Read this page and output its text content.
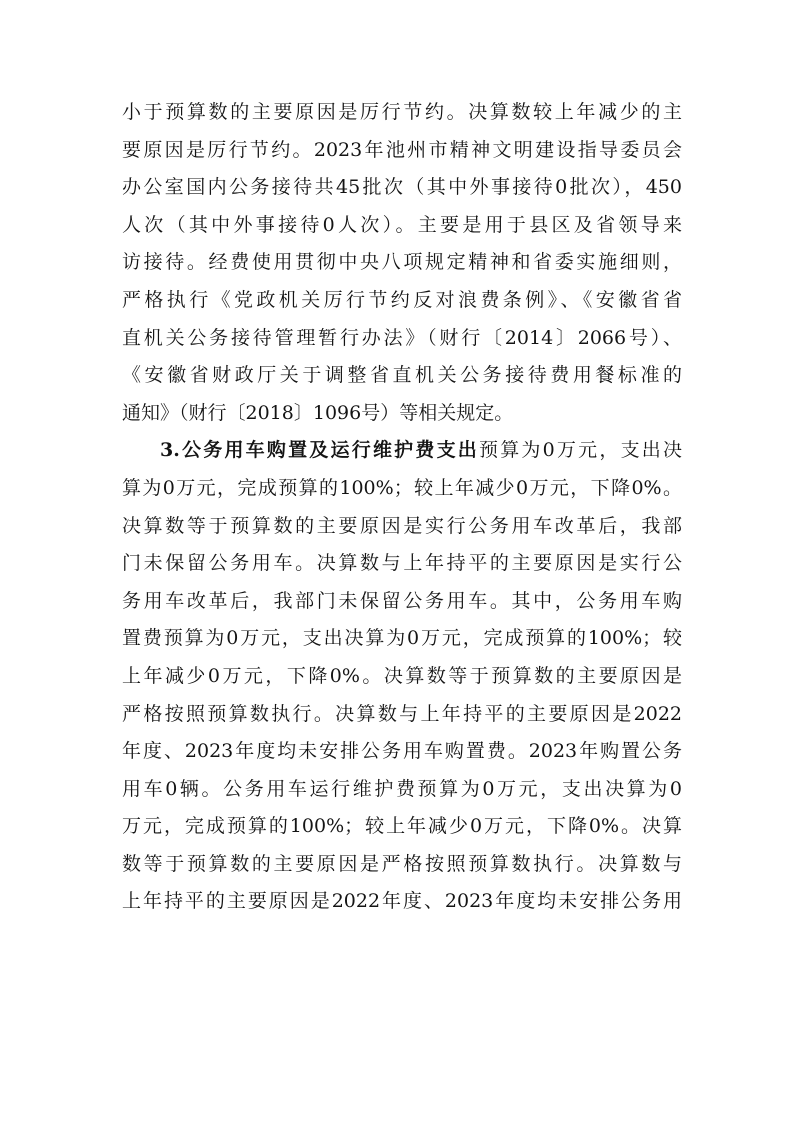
小于预算数的主要原因是厉行节约。决算数较上年减少的主
要原因是厉行节约。2023年池州市精神文明建设指导委员会
办公室国内公务接待共45批次（其中外事接待0批次），450
人次（其中外事接待0人次）。主要是用于县区及省领导来
访接待。经费使用贯彻中央八项规定精神和省委实施细则，
严格执行《党政机关厉行节约反对浪费条例》、《安徽省省
直机关公务接待管理暂行办法》（财行〔2014〕2066号）、
《安徽省财政厅关于调整省直机关公务接待费用餐标准的
通知》（财行〔2018〕1096号）等相关规定。
3.公务用车购置及运行维护费支出预算为0万元，支出决
算为0万元，完成预算的100%；较上年减少0万元，下降0%。
决算数等于预算数的主要原因是实行公务用车改革后，我部
门未保留公务用车。决算数与上年持平的主要原因是实行公
务用车改革后，我部门未保留公务用车。其中，公务用车购
置费预算为0万元，支出决算为0万元，完成预算的100%；较
上年减少0万元，下降0%。决算数等于预算数的主要原因是
严格按照预算数执行。决算数与上年持平的主要原因是2022
年度、2023年度均未安排公务用车购置费。2023年购置公务
用车0辆。公务用车运行维护费预算为0万元，支出决算为0
万元，完成预算的100%；较上年减少0万元，下降0%。决算
数等于预算数的主要原因是严格按照预算数执行。决算数与
上年持平的主要原因是2022年度、2023年度均未安排公务用
